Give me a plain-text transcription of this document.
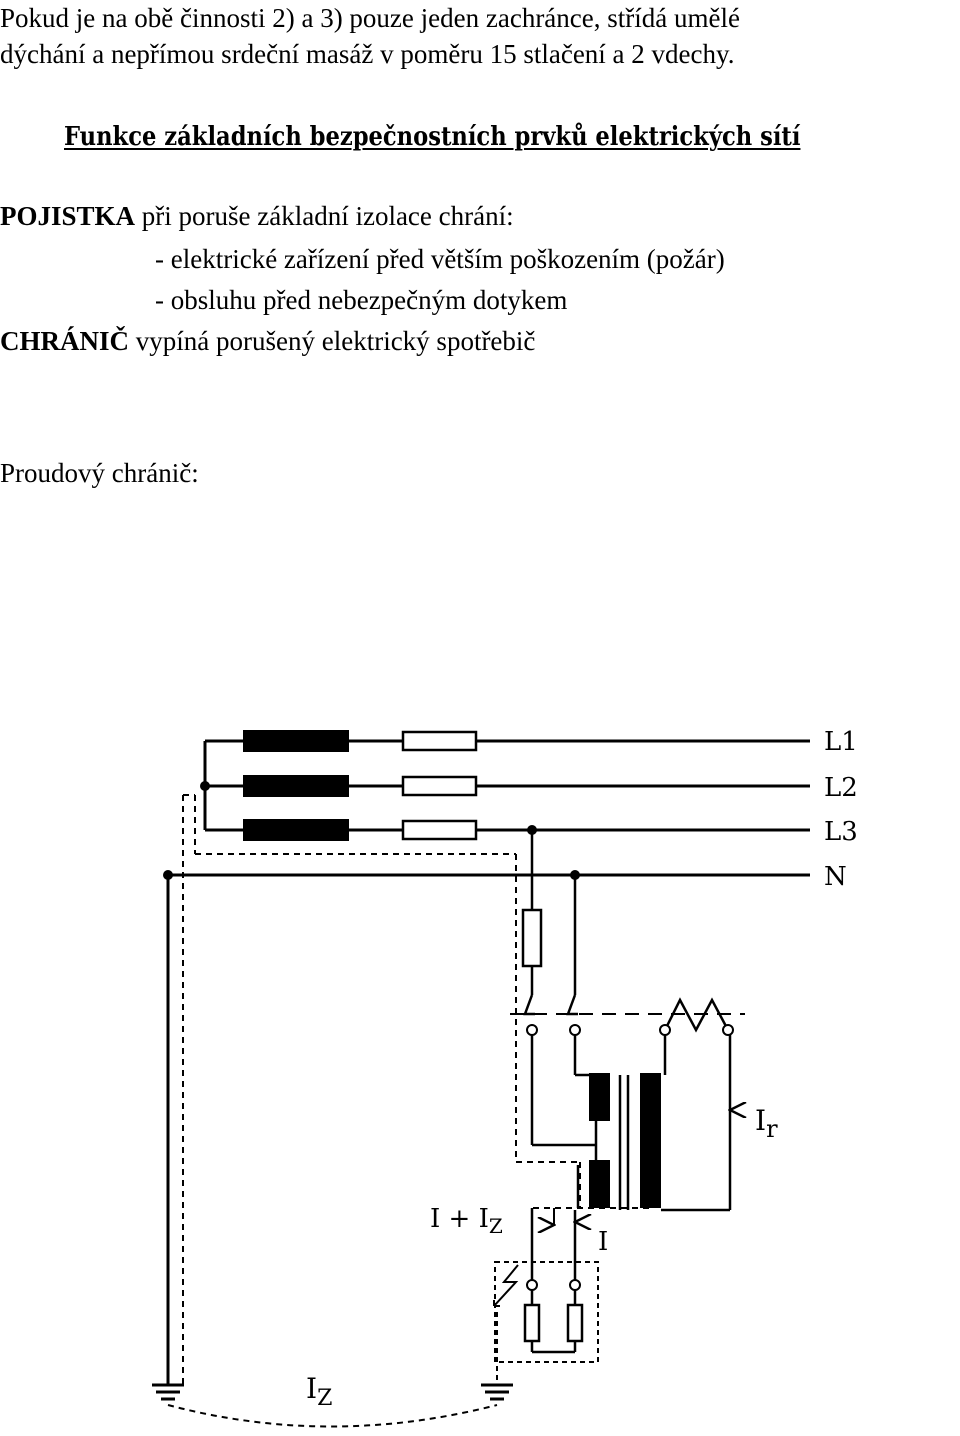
Pokud je na obě činnosti 2) a 3) pouze jeden zachránce, střídá umělé
dýchání a nepřímou srdeční masáž v poměru 15 stlačení a 2 vdechy.
Funkce základních bezpečnostních prvků elektrických sítí
POJISTKA při poruše základní izolace chrání:
- elektrické zařízení před větším poškozením (požár)
- obsluhu před nebezpečným dotykem
CHRÁNIČ vypíná porušený elektrický spotřebič
Proudový chránič:
L1
L2
L3
N
Ir
$I + I_Z$
I
$I_Z$
